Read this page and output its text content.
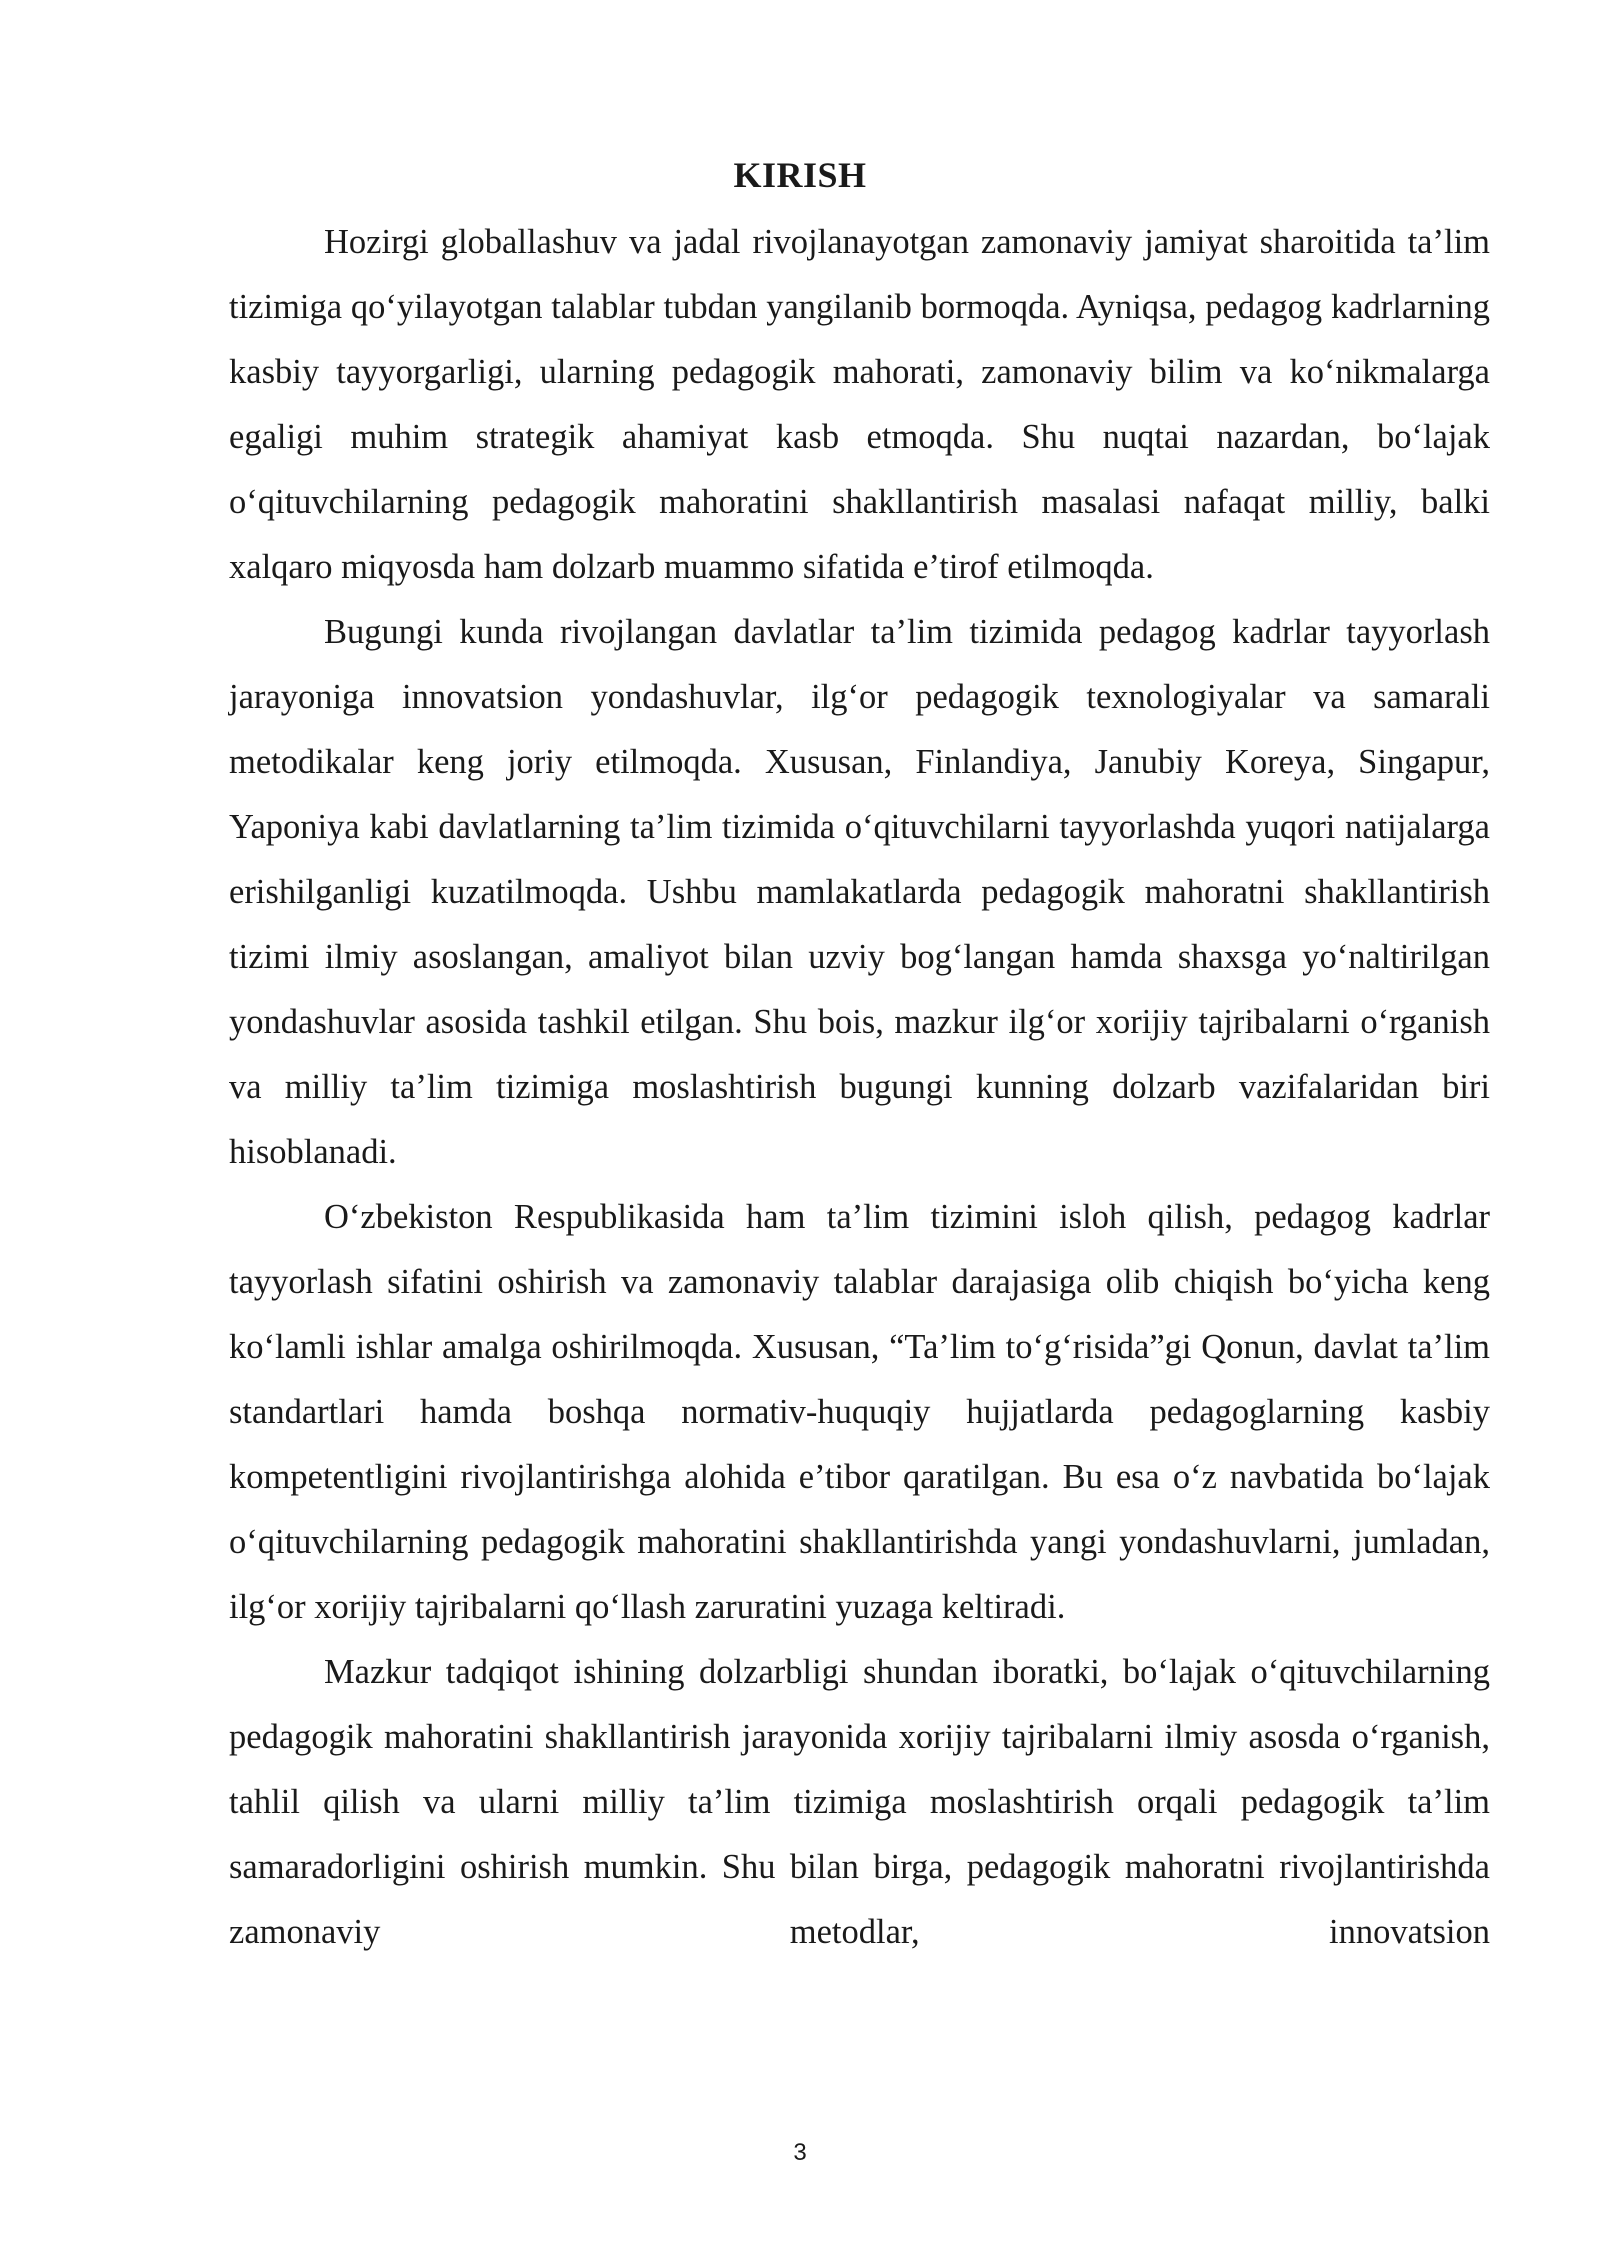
KIRISH

Hozirgi globallashuv va jadal rivojlanayotgan zamonaviy jamiyat sharoitida ta’lim tizimiga qo‘yilayotgan talablar tubdan yangilanib bormoqda. Ayniqsa, pedagog kadrlarning kasbiy tayyorgarligi, ularning pedagogik mahorati, zamonaviy bilim va ko‘nikmalarga egaligi muhim strategik ahamiyat kasb etmoqda. Shu nuqtai nazardan, bo‘lajak o‘qituvchilarning pedagogik mahoratini shakllantirish masalasi nafaqat milliy, balki xalqaro miqyosda ham dolzarb muammo sifatida e’tirof etilmoqda.

Bugungi kunda rivojlangan davlatlar ta’lim tizimida pedagog kadrlar tayyorlash jarayoniga innovatsion yondashuvlar, ilg‘or pedagogik texnologiyalar va samarali metodikalar keng joriy etilmoqda. Xususan, Finlandiya, Janubiy Koreya, Singapur, Yaponiya kabi davlatlarning ta’lim tizimida o‘qituvchilarni tayyorlashda yuqori natijalarga erishilganligi kuzatilmoqda. Ushbu mamlakatlarda pedagogik mahoratni shakllantirish tizimi ilmiy asoslangan, amaliyot bilan uzviy bog‘langan hamda shaxsga yo‘naltirilgan yondashuvlar asosida tashkil etilgan. Shu bois, mazkur ilg‘or xorijiy tajribalarni o‘rganish va milliy ta’lim tizimiga moslashtirish bugungi kunning dolzarb vazifalaridan biri hisoblanadi.

O‘zbekiston Respublikasida ham ta’lim tizimini isloh qilish, pedagog kadrlar tayyorlash sifatini oshirish va zamonaviy talablar darajasiga olib chiqish bo‘yicha keng ko‘lamli ishlar amalga oshirilmoqda. Xususan, “Ta’lim to‘g‘risida”gi Qonun, davlat ta’lim standartlari hamda boshqa normativ-huquqiy hujjatlarda pedagoglarning kasbiy kompetentligini rivojlantirishga alohida e’tibor qaratilgan. Bu esa o‘z navbatida bo‘lajak o‘qituvchilarning pedagogik mahoratini shakllantirishda yangi yondashuvlarni, jumladan, ilg‘or xorijiy tajribalarni qo‘llash zaruratini yuzaga keltiradi.

Mazkur tadqiqot ishining dolzarbligi shundan iboratki, bo‘lajak o‘qituvchilarning pedagogik mahoratini shakllantirish jarayonida xorijiy tajribalarni ilmiy asosda o‘rganish, tahlil qilish va ularni milliy ta’lim tizimiga moslashtirish orqali pedagogik ta’lim samaradorligini oshirish mumkin. Shu bilan birga, pedagogik mahoratni rivojlantirishda zamonaviy metodlar, innovatsion

3
